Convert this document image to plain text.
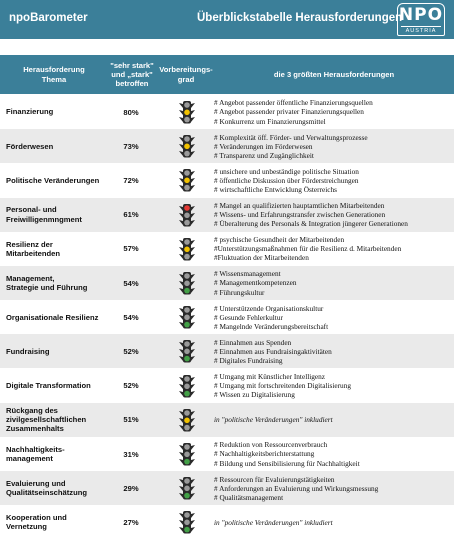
npoBarometer	Überblickstabelle Herausforderungen
NPO
AUSTRIA
Herausforderung
Thema
"sehr stark"
und „stark"
betroffen
Vorbereitungs-
grad
die 3 größten Herausforderungen
Finanzierung	80%
# Angebot passender öffentliche Finanzierungsquellen
# Angebot passender privater Finanzierungsquellen
# Konkurrenz um Finanzierungsmittel
Förderwesen	73%
# Komplexität öff. Förder- und Verwaltungsprozesse
# Veränderungen im Förderwesen
# Transparenz und Zugänglichkeit
Politische Veränderungen	72%
# unsichere und unbeständige politische Situation
# öffentliche Diskussion über Förderstreichungen
# wirtschaftliche Entwicklung Österreichs
Personal- und
Freiwilligenmngment	61%
# Mangel an qualifizierten hauptamtlichen Mitarbeitenden
# Wissens- und Erfahrungstransfer zwischen Generationen
# Überalterung des Personals & Integration jüngerer Generationen
Resilienz der
Mitarbeitenden	57%
# psychische Gesundheit der Mitarbeitenden
#Unterstützungsmaßnahmen für die Resilienz d. Mitarbeitenden
#Fluktuation der Mitarbeitenden
Management,
Strategie und Führung	54%
# Wissensmanagement
# Managementkompetenzen
# Führungskultur
Organisationale Resilienz	54%
# Unterstützende Organisationskultur
# Gesunde Fehlerkultur
# Mangelnde Veränderungsbereitschaft
Fundraising	52%
# Einnahmen aus Spenden
# Einnahmen aus Fundraisingaktivitäten
# Digitales Fundraising
Digitale Transformation	52%
# Umgang mit Künstlicher Intelligenz
# Umgang mit fortschreitenden Digitalisierung
# Wissen zu Digitalisierung
Rückgang des
zivilgesellschaftlichen
Zusammenhalts
51%	in "politische Veränderungen" inkludiert
Nachhaltigkeits-
management	31%
# Reduktion von Ressourcenverbrauch
# Nachhaltigkeitsberichterstattung
# Bildung und Sensibilisierung für Nachhaltigkeit
Evaluierung und
Qualitätseinschätzung	29%
# Ressourcen für Evaluierungstätigkeiten
# Anforderungen an Evaluierung und Wirkungsmessung
# Qualitätsmanagement
Kooperation und
Vernetzung	27%	in "politische Veränderungen" inkludiert
